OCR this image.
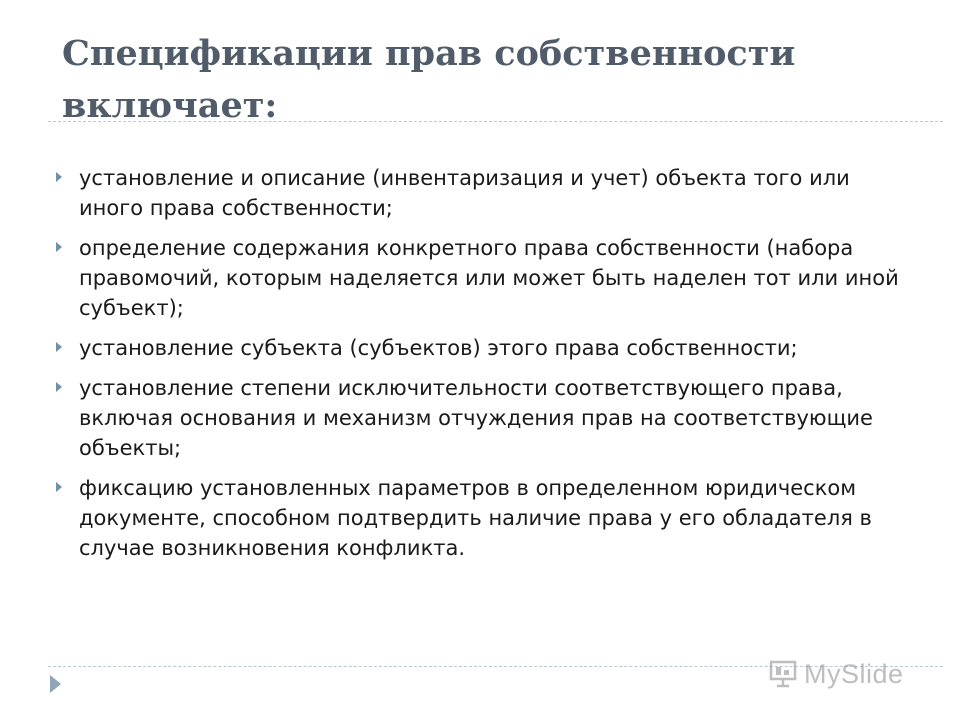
Спецификации прав собственности включает:
установление и описание (инвентаризация и учет) объекта того или иного права собственности;
определение содержания конкретного права собственности (набора правомочий, которым наделяется или может быть наделен тот или иной субъект);
установление субъекта (субъектов) этого права собственности;
установление степени исключительности соответствующего права, включая основания и механизм отчуждения прав на соответствующие объекты;
фиксацию установленных параметров в определенном юридическом документе, способном подтвердить наличие права у его обладателя в случае возникновения конфликта.
MySlide
